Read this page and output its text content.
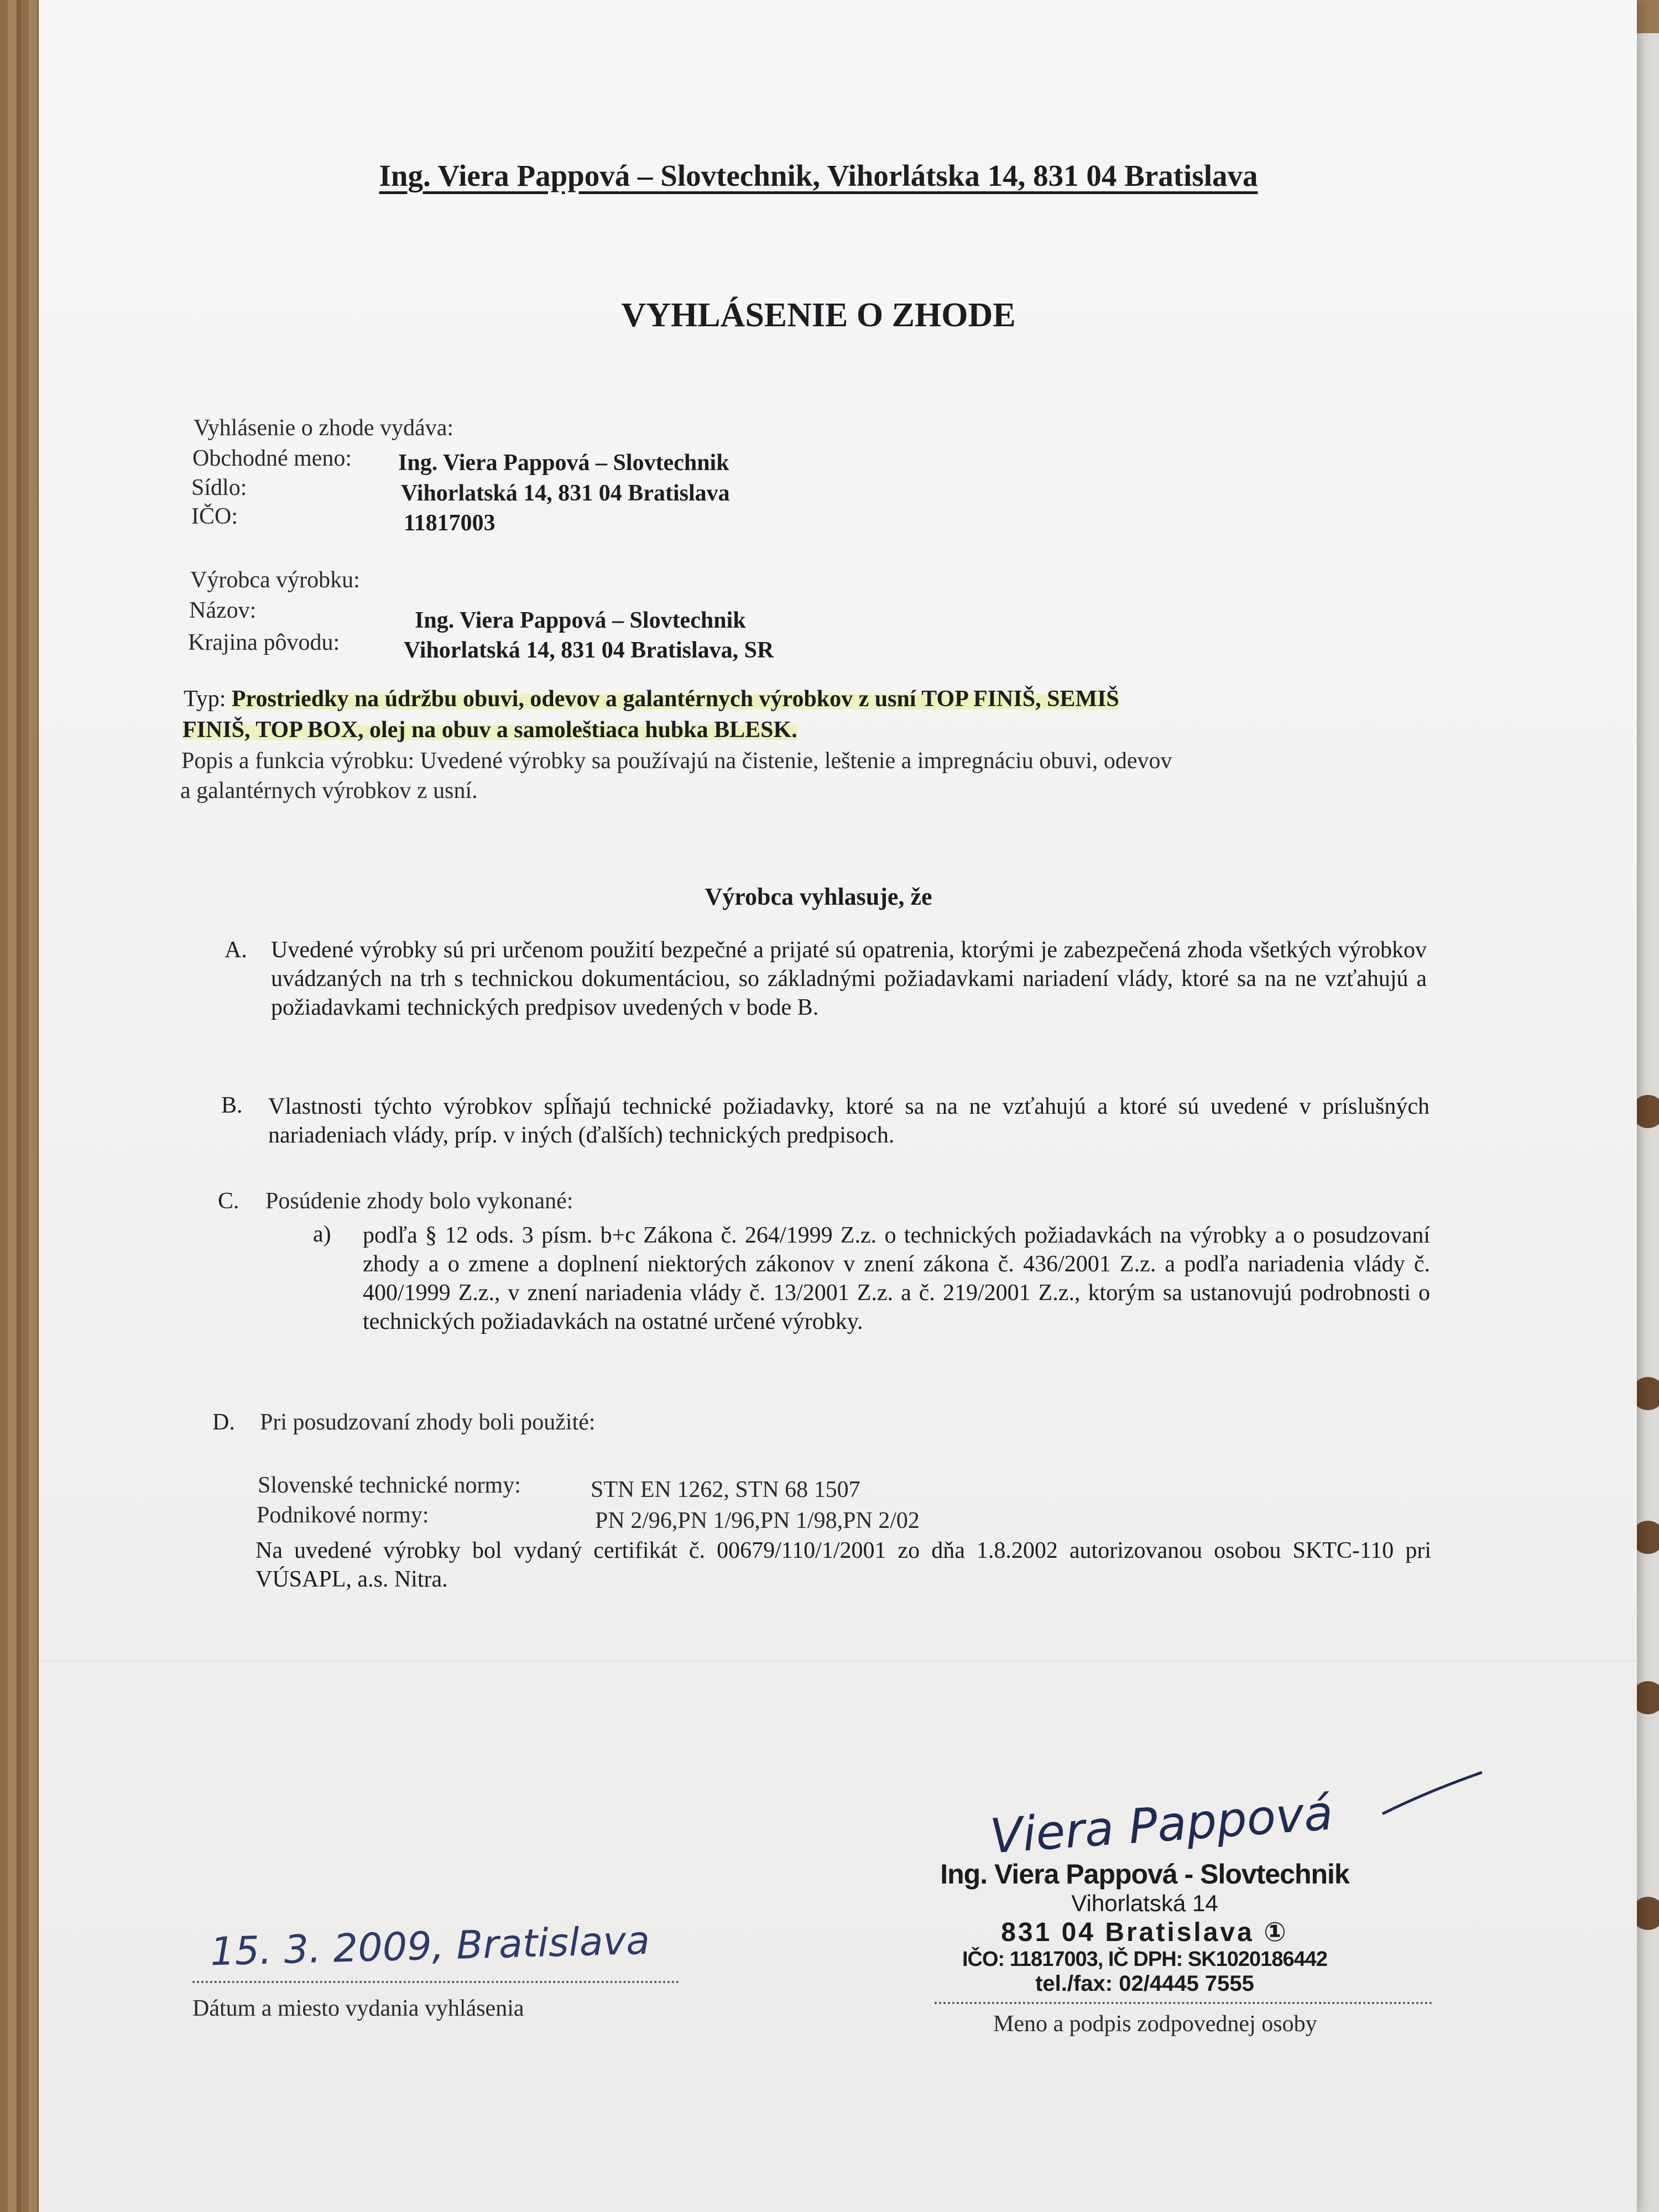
Ing. Viera Pappová – Slovtechnik, Vihorlátska 14, 831 04 Bratislava
VYHLÁSENIE O ZHODE
Vyhlásenie o zhode vydáva:
Obchodné meno: Ing. Viera Pappová – Slovtechnik
Sídlo:	Vihorlatská 14, 831 04 Bratislava
IČO:	11817003
Výrobca výrobku:
Názov:	Ing. Viera Pappová – Slovtechnik
Krajina pôvodu:	Vihorlatská 14, 831 04 Bratislava, SR
Typ: Prostriedky na údržbu obuvi, odevov a galantérnych výrobkov z usní TOP FINIŠ, SEMIŠ
FINIŠ, TOP BOX, olej na obuv a samoleštiaca hubka BLESK.
Popis a funkcia výrobku: Uvedené výrobky sa používajú na čistenie, leštenie a impregnáciu obuvi, odevov
a galantérnych výrobkov z usní.
Výrobca vyhlasuje, že
A. Uvedené výrobky sú pri určenom použití bezpečné a prijaté sú opatrenia, ktorými je zabezpečená zhoda všetkých výrobkov uvádzaných na trh s technickou dokumentáciou, so základnými požiadavkami nariadení vlády, ktoré sa na ne vzťahujú a požiadavkami technických predpisov uvedených v bode B.
B. Vlastnosti týchto výrobkov spĺňajú technické požiadavky, ktoré sa na ne vzťahujú a ktoré sú uvedené v príslušných nariadeniach vlády, príp. v iných (ďalších) technických predpisoch.
C. Posúdenie zhody bolo vykonané:
a) podľa § 12 ods. 3 písm. b+c Zákona č. 264/1999 Z.z. o technických požiadavkách na výrobky a o posudzovaní zhody a o zmene a doplnení niektorých zákonov v znení zákona č. 436/2001 Z.z. a podľa nariadenia vlády č. 400/1999 Z.z., v znení nariadenia vlády č. 13/2001 Z.z. a č. 219/2001 Z.z., ktorým sa ustanovujú podrobnosti o technických požiadavkách na ostatné určené výrobky.
D. Pri posudzovaní zhody boli použité:
Slovenské technické normy:	STN EN 1262, STN 68 1507
Podnikové normy:	PN 2/96,PN 1/96,PN 1/98,PN 2/02
Na uvedené výrobky bol vydaný certifikát č. 00679/110/1/2001 zo dňa 1.8.2002 autorizovanou osobou SKTC-110 pri VÚSAPL, a.s. Nitra.
15. 3. 2009, Bratislava
Dátum a miesto vydania vyhlásenia
Viera Pappová
Ing. Viera Pappová - Slovtechnik
Vihorlatská 14
831 04 Bratislava ①
IČO: 11817003, IČ DPH: SK1020186442
tel./fax: 02/4445 7555
Meno a podpis zodpovednej osoby
